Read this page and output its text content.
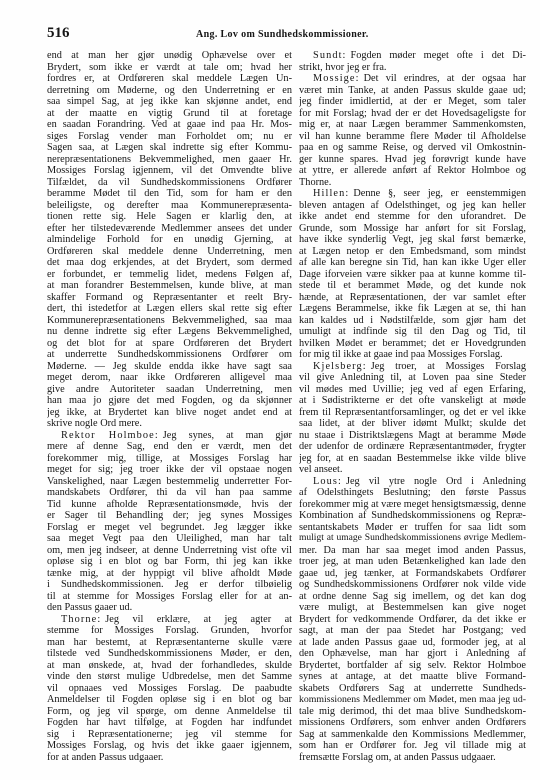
516	Ang. Lov om Sundhedskommissioner.
end at man her gjør unødig Ophævelse over et
Brydert, som ikke er værdt at tale om; hvad her
fordres er, at Ordføreren skal meddele Lægen Un-
derretning om Møderne, og den Underretning er en
saa simpel Sag, at jeg ikke kan skjønne andet, end
at der maatte en vigtig Grund til at foretage
en saadan Forandring. Ved at gaae ind paa Hr. Mos-
siges Forslag vender man Forholdet om; nu er
Sagen saa, at Lægen skal indrette sig efter Kommu-
nerepræsentationens Bekvemmelighed, men gaaer Hr.
Mossiges Forslag igjennem, vil det Omvendte blive
Tilfældet, da vil Sundhedskommissionens Ordfører
beramme Mødet til den Tid, som for ham er den
beleiligste, og derefter maa Kommunerepræsenta-
tionen rette sig. Hele Sagen er klarlig den, at
efter her tilstedeværende Medlemmer ansees det under
almindelige Forhold for en unødig Gjerning, at
Ordføreren skal meddele denne Underretning, men
det maa dog erkjendes, at det Brydert, som dermed
er forbundet, er temmelig lidet, medens Følgen af,
at man forandrer Bestemmelsen, kunde blive, at man
skaffer Formand og Repræsentanter et reelt Bry-
dert, thi istedetfor at Lægen ellers skal rette sig efter
Kommunerepræsentationens Bekvemmelighed, saa maa
nu denne indrette sig efter Lægens Bekvemmelighed,
og det blot for at spare Ordføreren det Brydert
at underrette Sundhedskommissionens Ordfører om
Møderne. — Jeg skulde endda ikke have sagt saa
meget derom, naar ikke Ordføreren alligevel maa
give andre Autoriteter saadan Underretning, men
han maa jo gjøre det med Fogden, og da skjønner
jeg ikke, at Brydertet kan blive noget andet end at
skrive nogle Ord mere.
Rektor Holmboe: Jeg synes, at man gjør
mere af denne Sag, end den er værdt, men det
forekommer mig, tillige, at Mossiges Forslag har
meget for sig; jeg troer ikke der vil opstaae nogen
Vanskelighed, naar Lægen bestemmelig underretter For-
mandskabets Ordfører, thi da vil han paa samme
Tid kunne afholde Repræsentationsmøde, hvis der
er Sager til Behandling der; jeg synes Mossiges
Forslag er meget vel begrundet. Jeg lægger ikke
saa meget Vegt paa den Uleilighed, man har talt
om, men jeg indseer, at denne Underretning vist ofte vil
opløse sig i en blot og bar Form, thi jeg kan ikke
tænke mig, at der hyppigt vil blive afholdt Møde
i Sundhedskommissionen. Jeg er derfor tilbøielig
til at stemme for Mossiges Forslag eller for at an-
den Passus gaaer ud.
Thorne: Jeg vil erklære, at jeg agter at
stemme for Mossiges Forslag. Grunden, hvorfor
man har bestemt, at Repræsentanterne skulle være
tilstede ved Sundhedskommissionens Møder, er den,
at man ønskede, at, hvad der forhandledes, skulde
vinde den størst mulige Udbredelse, men det Samme
vil opnaaes ved Mossiges Forslag. De paabudte
Anmeldelser til Fogden opløse sig i en blot og bar
Form, og jeg vil spørge, om denne Anmeldelse til
Fogden har havt tilfølge, at Fogden har indfundet
sig i Repræsentationerne; jeg vil stemme for
Mossiges Forslag, og hvis det ikke gaaer igjennem,
for at anden Passus udgaaer.
Sundt: Fogden møder meget ofte i det Di-
strikt, hvor jeg er fra.
Mossige: Det vil erindres, at der ogsaa har
været min Tanke, at anden Passus skulde gaae ud;
jeg finder imidlertid, at der er Meget, som taler
for mit Forslag; hvad der er det Hovedsageligste for
mig er, at naar Lægen berammer Sammenkomsten,
vil han kunne beramme flere Møder til Afholdelse
paa en og samme Reise, og derved vil Omkostnin-
ger kunne spares. Hvad jeg forøvrigt kunde have
at yttre, er allerede anført af Rektor Holmboe og
Thorne.
Hillen: Denne §, seer jeg, er eenstemmigen
bleven antagen af Odelsthinget, og jeg kan heller
ikke andet end stemme for den uforandret. De
Grunde, som Mossige har anført for sit Forslag,
have ikke synderlig Vegt, jeg skal først bemærke,
at Lægen netop er den Embedsmand, som mindst
af alle kan beregne sin Tid, han kan ikke Uger eller
Dage iforveien være sikker paa at kunne komme til-
stede til et berammet Møde, og det kunde nok
hænde, at Repræsentationen, der var samlet efter
Lægens Berammelse, ikke fik Lægen at se, thi han
kan kaldes ud i Nødstilfælde, som gjør ham det
umuligt at indfinde sig til den Dag og Tid, til
hvilken Mødet er berammet; det er Hovedgrunden
for mig til ikke at gaae ind paa Mossiges Forslag.
Kjelsberg: Jeg troer, at Mossiges Forslag
vil give Anledning til, at Loven paa sine Steder
vil mødes med Uvillie; jeg ved af egen Erfaring,
at i Sødistrikterne er det ofte vanskeligt at møde
frem til Repræsentantforsamlinger, og det er vel ikke
saa lidet, at der bliver idømt Mulkt; skulde det
nu staae i Distriktslægens Magt at beramme Møde
der udenfor de ordinære Repræsentantmøder, frygter
jeg for, at en saadan Bestemmelse ikke vilde blive
vel anseet.
Lous: Jeg vil ytre nogle Ord i Anledning
af Odelsthingets Beslutning; den første Passus
forekommer mig at være meget hensigtsmæssig, denne
Kombination af Sundhedskommissionens og Repræ-
sentantskabets Møder er truffen for saa lidt som
muligt at umage Sundhedskommissionens øvrige Medlem-
mer. Da man har saa meget imod anden Passus,
troer jeg, at man uden Betænkelighed kan lade den
gaae ud, jeg tænker, at Formandskabets Ordfører
og Sundhedskommissionens Ordfører nok vilde vide
at ordne denne Sag sig imellem, og det kan dog
være muligt, at Bestemmelsen kan give noget
Brydert for vedkommende Ordfører, da det ikke er
sagt, at man der paa Stedet har Postgang; ved
at lade anden Passus gaae ud, formoder jeg, at al
den Ophævelse, man har gjort i Anledning af
Brydertet, bortfalder af sig selv. Rektor Holmboe
synes at antage, at det maatte blive Formand-
skabets Ordførers Sag at underrette Sundheds-
kommissionens Medlemmer om Mødet, men maa jeg ud-
tale mig derimod, thi det maa blive Sundhedskom-
missionens Ordførers, som enhver anden Ordførers
Sag at sammenkalde den Kommissions Medlemmer,
som han er Ordfører for. Jeg vil tillade mig at
fremsætte Forslag om, at anden Passus udgaaer.
